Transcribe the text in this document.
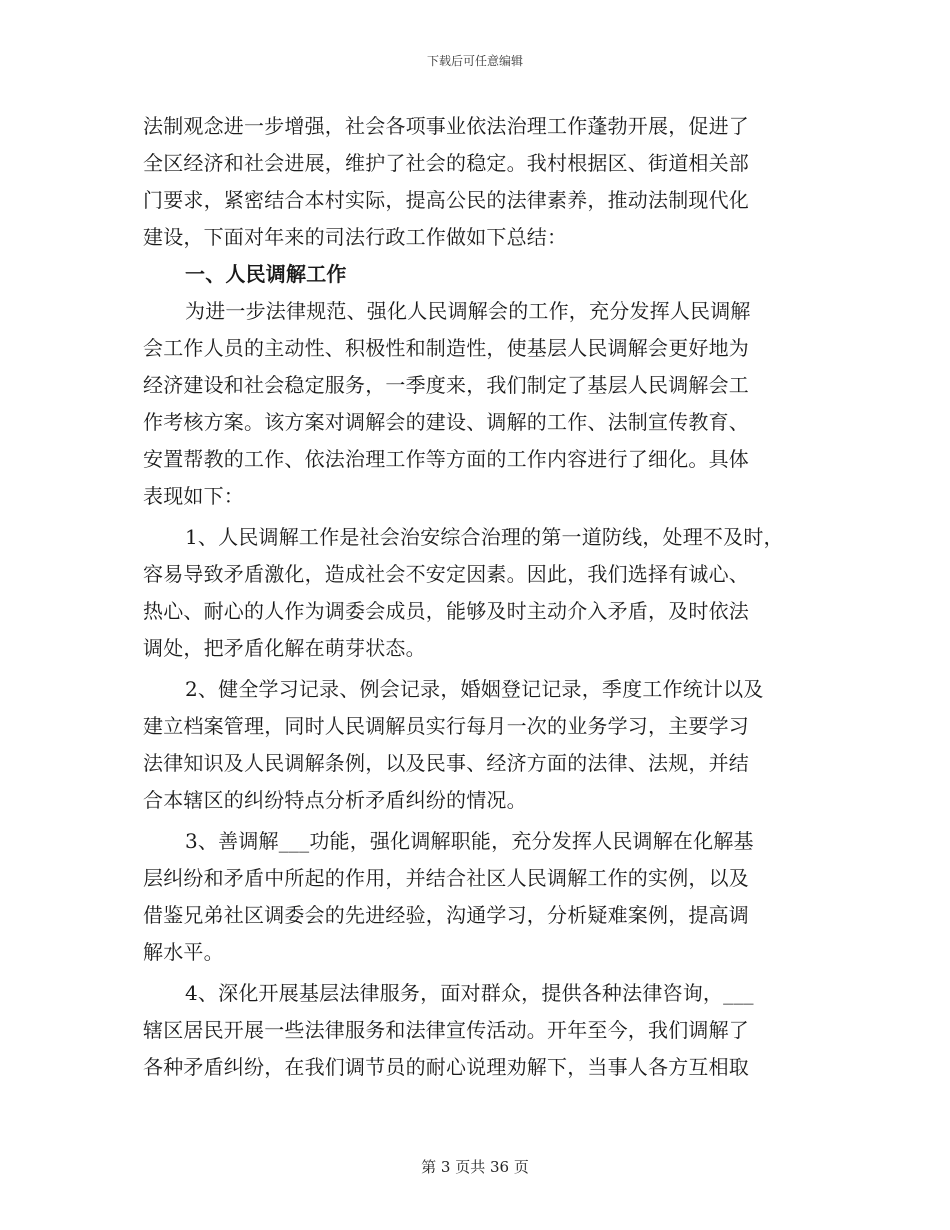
下载后可任意编辑
法制观念进一步增强，社会各项事业依法治理工作蓬勃开展，促进了
全区经济和社会进展，维护了社会的稳定。我村根据区、街道相关部
门要求，紧密结合本村实际，提高公民的法律素养，推动法制现代化
建设，下面对年来的司法行政工作做如下总结：
一、人民调解工作
为进一步法律规范、强化人民调解会的工作，充分发挥人民调解
会工作人员的主动性、积极性和制造性，使基层人民调解会更好地为
经济建设和社会稳定服务，一季度来，我们制定了基层人民调解会工
作考核方案。该方案对调解会的建设、调解的工作、法制宣传教育、
安置帮教的工作、依法治理工作等方面的工作内容进行了细化。具体
表现如下：
1、人民调解工作是社会治安综合治理的第一道防线，处理不及时，
容易导致矛盾激化，造成社会不安定因素。因此，我们选择有诚心、
热心、耐心的人作为调委会成员，能够及时主动介入矛盾，及时依法
调处，把矛盾化解在萌芽状态。
2、健全学习记录、例会记录，婚姻登记记录，季度工作统计以及
建立档案管理，同时人民调解员实行每月一次的业务学习，主要学习
法律知识及人民调解条例，以及民事、经济方面的法律、法规，并结
合本辖区的纠纷特点分析矛盾纠纷的情况。
3、善调解___功能，强化调解职能，充分发挥人民调解在化解基
层纠纷和矛盾中所起的作用，并结合社区人民调解工作的实例，以及
借鉴兄弟社区调委会的先进经验，沟通学习，分析疑难案例，提高调
解水平。
4、深化开展基层法律服务，面对群众，提供各种法律咨询，___
辖区居民开展一些法律服务和法律宣传活动。开年至今，我们调解了
各种矛盾纠纷，在我们调节员的耐心说理劝解下，当事人各方互相取
第 3 页共 36 页
